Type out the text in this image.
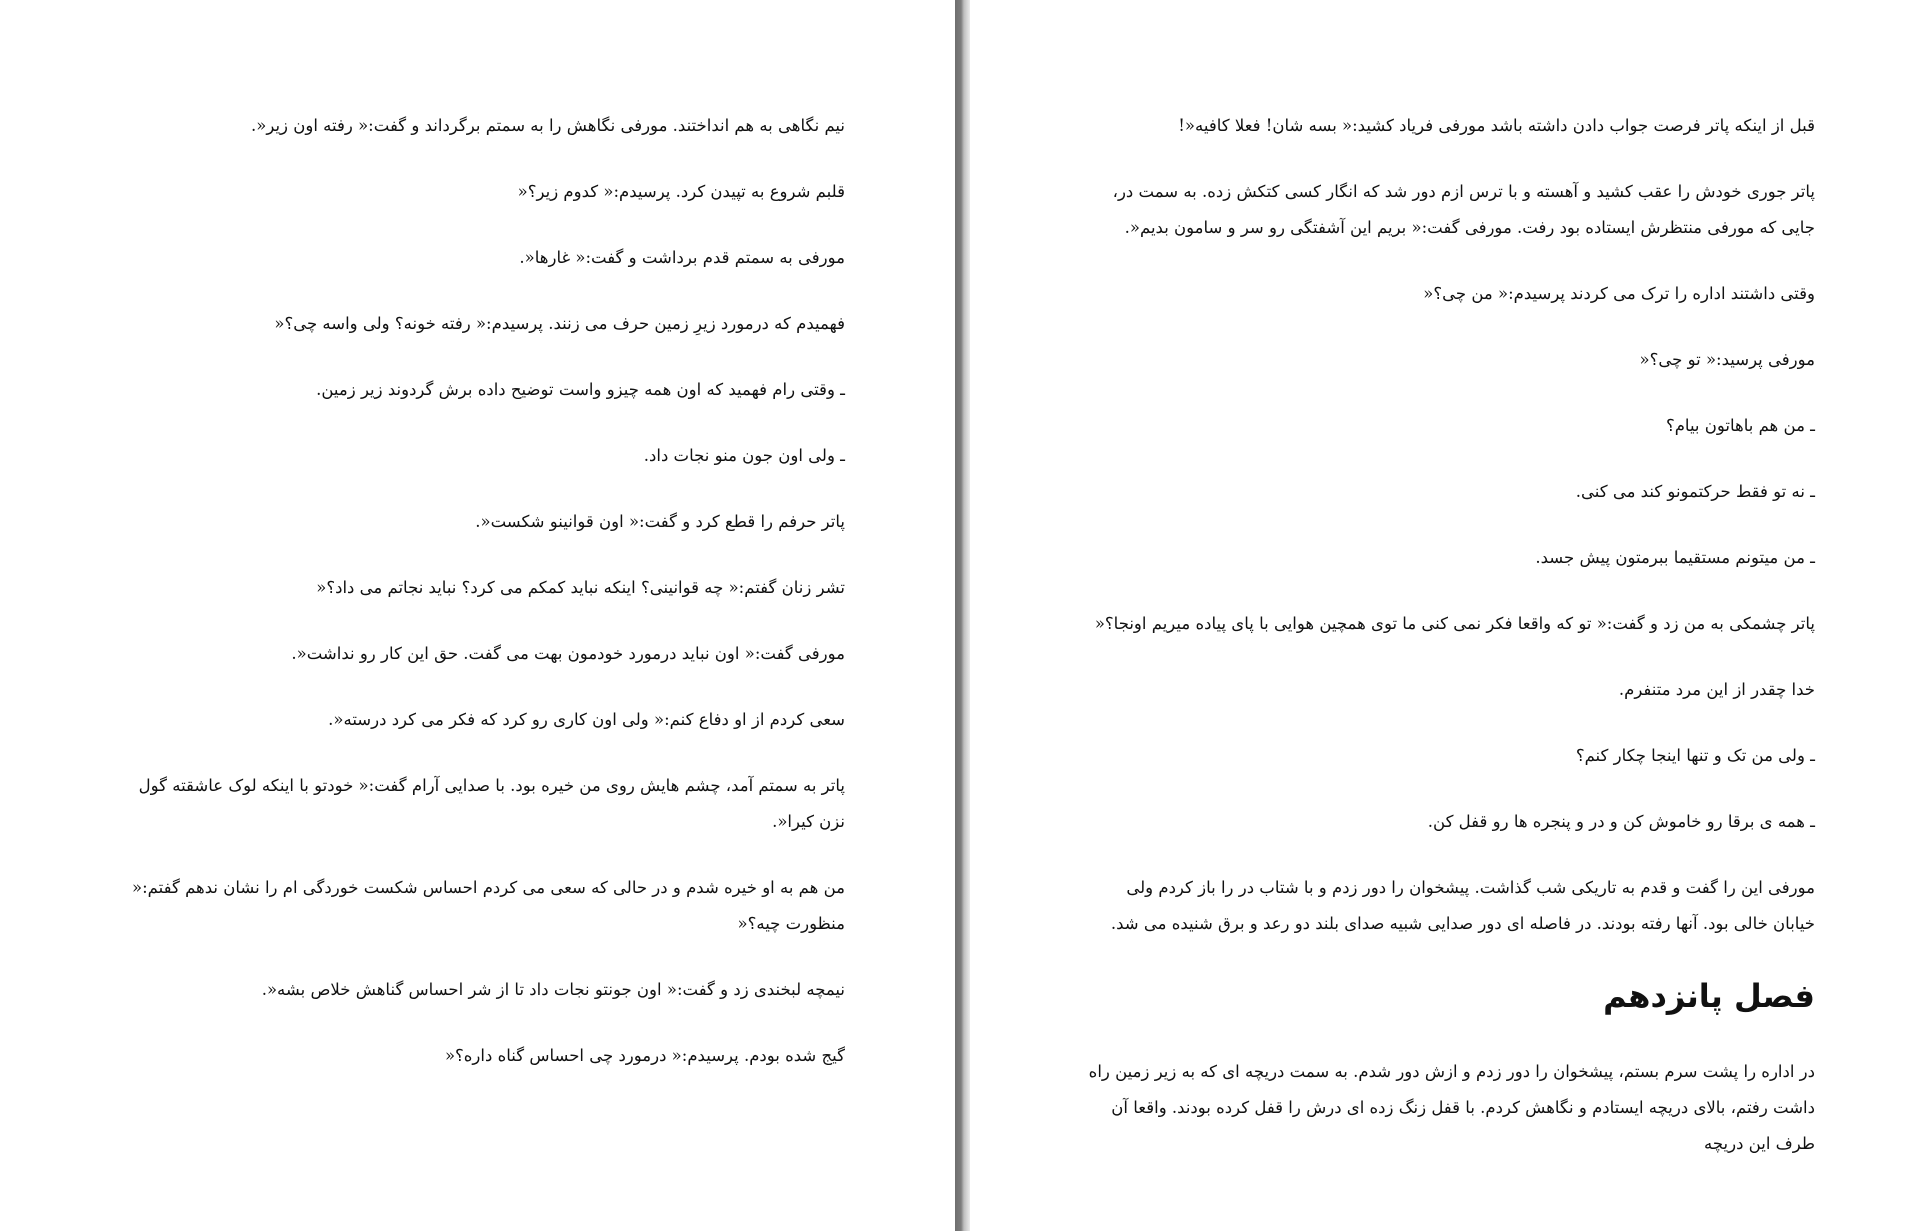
نیم نگاهی به هم انداختند. مورفی نگاهش را به سمتم برگرداند و گفت:« رفته اون زیر«.

قلبم شروع به تپیدن کرد. پرسیدم:« کدوم زیر؟«

مورفی به سمتم قدم برداشت و گفت:« غارها«.

فهمیدم که درمورد زیرِ زمین حرف می زنند. پرسیدم:« رفته خونه؟ ولی واسه چی؟«

ـ وقتی رام فهمید که اون همه چیزو واست توضیح داده برش گردوند زیر زمین.

ـ ولی اون جون منو نجات داد.

پاتر حرفم را قطع کرد و گفت:« اون قوانینو شکست«.

تشر زنان گفتم:« چه قوانینی؟ اینکه نباید کمکم می کرد؟ نباید نجاتم می داد؟«

مورفی گفت:« اون نباید درمورد خودمون بهت می گفت. حق این کار رو نداشت«.

سعی کردم از او دفاع کنم:« ولی اون کاری رو کرد که فکر می کرد درسته«.

پاتر به سمتم آمد، چشم هایش روی من خیره بود. با صدایی آرام گفت:« خودتو با اینکه لوک عاشقته گول نزن کیرا«.

من هم به او خیره شدم و در حالی که سعی می کردم احساس شکست خوردگی ام را نشان ندهم گفتم:« منظورت چیه؟«

نیمچه لبخندی زد و گفت:« اون جونتو نجات داد تا از شر احساس گناهش خلاص بشه«.

گیج شده بودم. پرسیدم:« درمورد چی احساس گناه داره؟«

قبل از اینکه پاتر فرصت جواب دادن داشته باشد مورفی فریاد کشید:« بسه شان! فعلا کافیه«!

پاتر جوری خودش را عقب کشید و آهسته و با ترس ازم دور شد که انگار کسی کتکش زده. به سمت در، جایی که مورفی منتظرش ایستاده بود رفت. مورفی گفت:« بریم این آشفتگی رو سر و سامون بدیم«.

وقتی داشتند اداره را ترک می کردند پرسیدم:« من چی؟«

مورفی پرسید:« تو چی؟«

ـ من هم باهاتون بیام؟

ـ نه تو فقط حرکتمونو کند می کنی.

ـ من میتونم مستقیما ببرمتون پیش جسد.

پاتر چشمکی به من زد و گفت:« تو که واقعا فکر نمی کنی ما توی همچین هوایی با پای پیاده میریم اونجا؟«

خدا چقدر از این مرد متنفرم.

ـ ولی من تک و تنها اینجا چکار کنم؟

ـ همه ی برقا رو خاموش کن و در و پنجره ها رو قفل کن.

مورفی این را گفت و قدم به تاریکی شب گذاشت. پیشخوان را دور زدم و با شتاب در را باز کردم ولی خیابان خالی بود. آنها رفته بودند. در فاصله ای دور صدایی شبیه صدای بلند دو رعد و برق شنیده می شد.

فصل پانزدهم

در اداره را پشت سرم بستم، پیشخوان را دور زدم و ازش دور شدم. به سمت دریچه ای که به زیر زمین راه داشت رفتم، بالای دریچه ایستادم و نگاهش کردم. با قفل زنگ زده ای درش را قفل کرده بودند. واقعا آن طرف این دریچه
